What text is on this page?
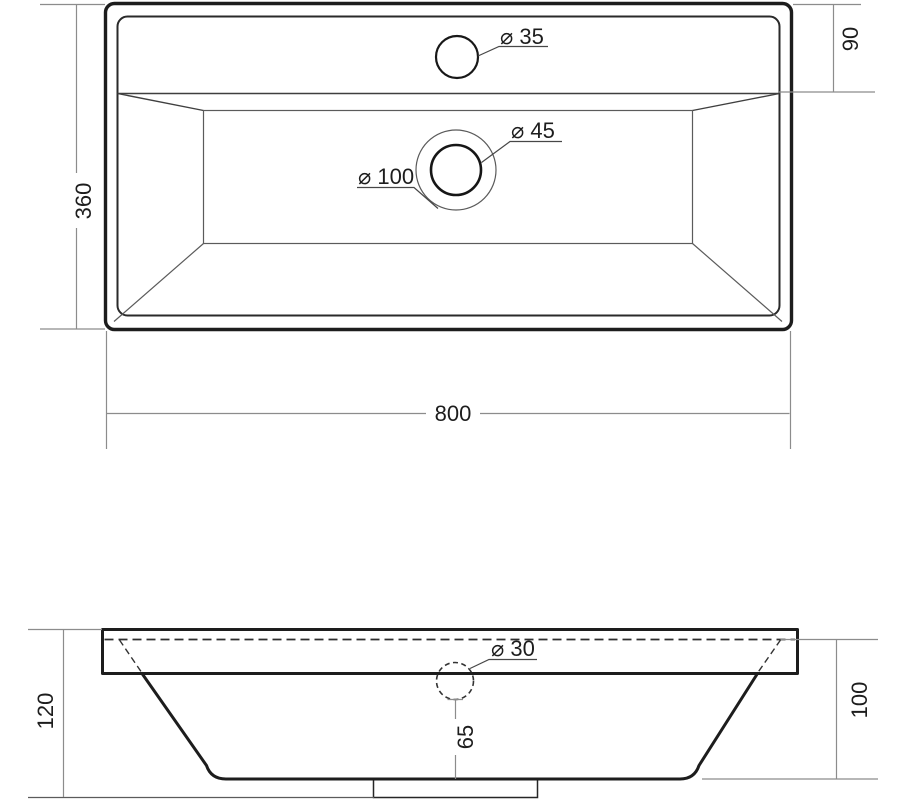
⌀ 35
⌀ 45
⌀ 100
360
90
800
⌀ 30
120	100
65
